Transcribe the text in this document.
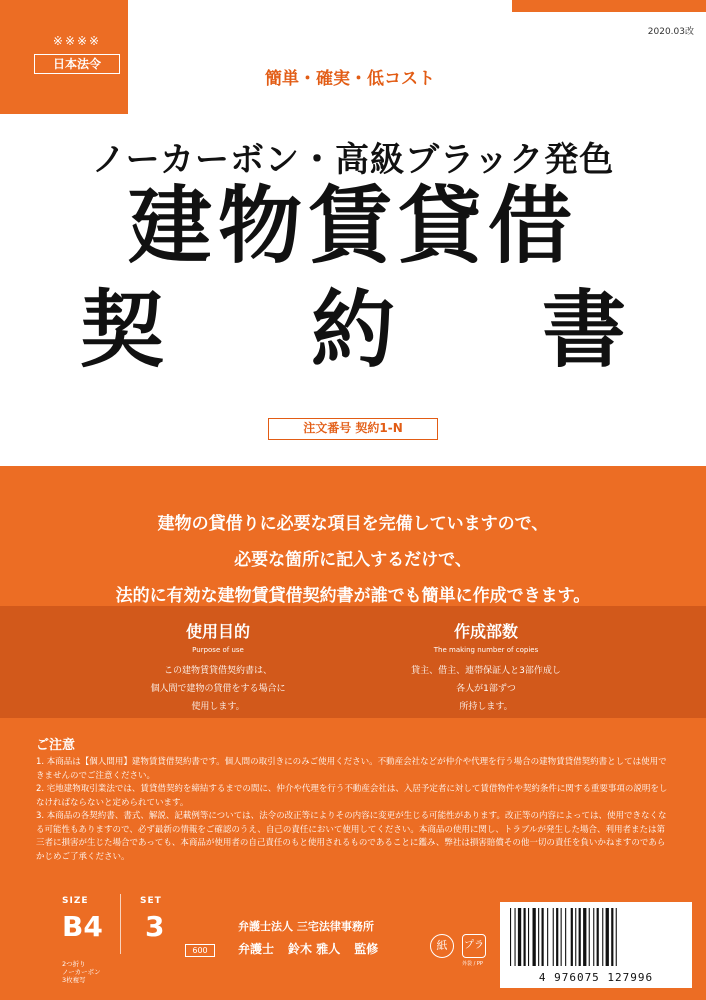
※※※※
日本法令
2020.03改
簡単・確実・低コスト
ノーカーボン・高級ブラック発色
建物賃貸借
契 約 書
注文番号 契約1-N
建物の貸借りに必要な項目を完備していますので、
必要な箇所に記入するだけで、
法的に有効な建物賃貸借契約書が誰でも簡単に作成できます。
使用目的
Purpose of use
この建物賃貸借契約書は、
個人間で建物の貸借をする場合に
使用します。
作成部数
The making number of copies
貸主、借主、連帯保証人と3部作成し
各人が1部ずつ
所持します。
ご注意
1. 本商品は【個人間用】建物賃貸借契約書です。個人間の取引きにのみご使用ください。不動産会社などが仲介や代理を行う場合の建物賃貸借契約書としては使用できませんのでご注意ください。
2. 宅地建物取引業法では、賃貸借契約を締結するまでの間に、仲介や代理を行う不動産会社は、入居予定者に対して賃借物件や契約条件に関する重要事項の説明をしなければならないと定められています。
3. 本商品の各契約書、書式、解説、記載例等については、法令の改正等によりその内容に変更が生じる可能性があります。改正等の内容によっては、使用できなくなる可能性もありますので、必ず最新の情報をご確認のうえ、自己の責任において使用してください。本商品の使用に関し、トラブルが発生した場合、利用者または第三者に損害が生じた場合であっても、本商品が使用者の自己責任のもと使用されるものであることに鑑み、弊社は損害賠償その他一切の責任を負いかねますのであらかじめご了承ください。
SIZE
B4
SET
3
2つ折り
ノーカーボン
3枚複写
600
弁護士法人 三宅法律事務所
弁護士 鈴木 雅人 監修	紙	プラ
外袋 / PP
4 976075 127996
